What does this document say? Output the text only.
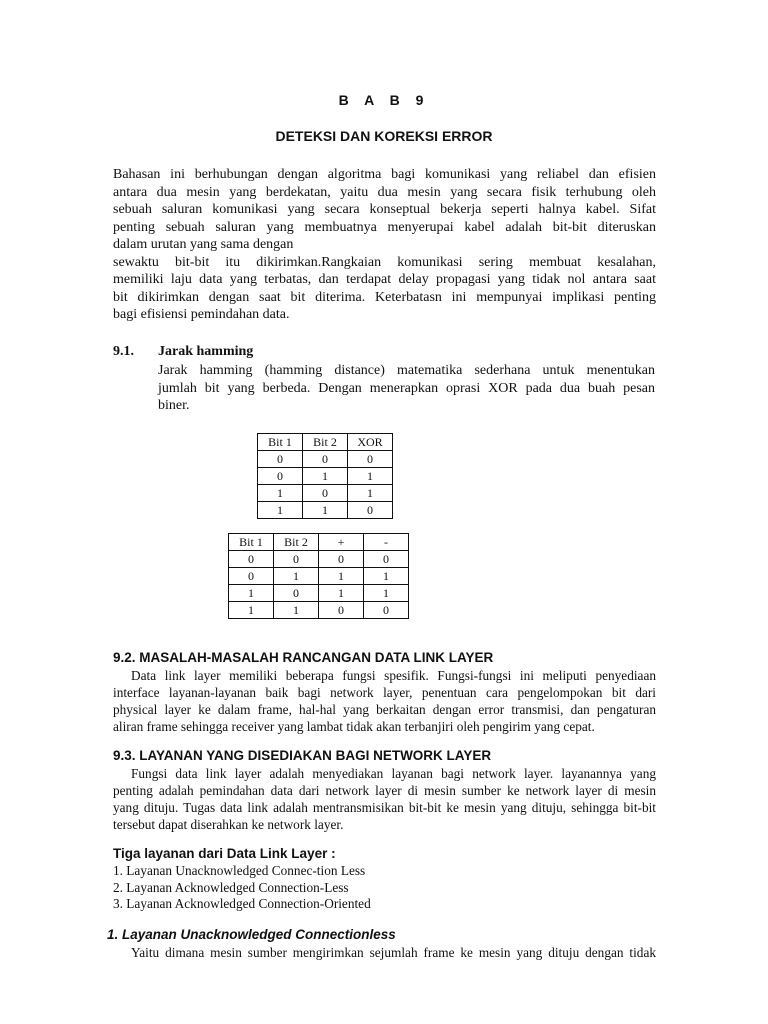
B A B 9
DETEKSI DAN KOREKSI ERROR
Bahasan ini berhubungan dengan algoritma bagi komunikasi yang reliabel dan efisien
antara dua mesin yang berdekatan, yaitu dua mesin yang secara fisik terhubung oleh
sebuah saluran komunikasi yang secara konseptual bekerja seperti halnya kabel. Sifat
penting sebuah saluran yang membuatnya menyerupai kabel adalah bit-bit diteruskan
dalam urutan yang sama dengan
sewaktu bit-bit itu dikirimkan.Rangkaian komunikasi sering membuat kesalahan,
memiliki laju data yang terbatas, dan terdapat delay propagasi yang tidak nol antara saat
bit dikirimkan dengan saat bit diterima. Keterbatasn ini mempunyai implikasi penting
bagi efisiensi pemindahan data.
9.1. Jarak hamming
Jarak hamming (hamming distance) matematika sederhana untuk menentukan
jumlah bit yang berbeda. Dengan menerapkan oprasi XOR pada dua buah pesan
biner.
Bit 1	Bit 2	XOR
0	0	0
0	1	1
1	0	1
1	1	0
Bit 1	Bit 2	+	-
0	0	0	0
0	1	1	1
1	0	1	1
1	1	0	0
9.2. MASALAH-MASALAH RANCANGAN DATA LINK LAYER
Data link layer memiliki beberapa fungsi spesifik. Fungsi-fungsi ini meliputi penyediaan
interface layanan-layanan baik bagi network layer, penentuan cara pengelompokan bit dari
physical layer ke dalam frame, hal-hal yang berkaitan dengan error transmisi, dan pengaturan
aliran frame sehingga receiver yang lambat tidak akan terbanjiri oleh pengirim yang cepat.
9.3. LAYANAN YANG DISEDIAKAN BAGI NETWORK LAYER
Fungsi data link layer adalah menyediakan layanan bagi network layer. layanannya yang
penting adalah pemindahan data dari network layer di mesin sumber ke network layer di mesin
yang dituju. Tugas data link adalah mentransmisikan bit-bit ke mesin yang dituju, sehingga bit-bit
tersebut dapat diserahkan ke network layer.
Tiga layanan dari Data Link Layer :
1. Layanan Unacknowledged Connec-tion Less
2. Layanan Acknowledged Connection-Less
3. Layanan Acknowledged Connection-Oriented
1. Layanan Unacknowledged Connectionless
Yaitu dimana mesin sumber mengirimkan sejumlah frame ke mesin yang dituju dengan tidak
